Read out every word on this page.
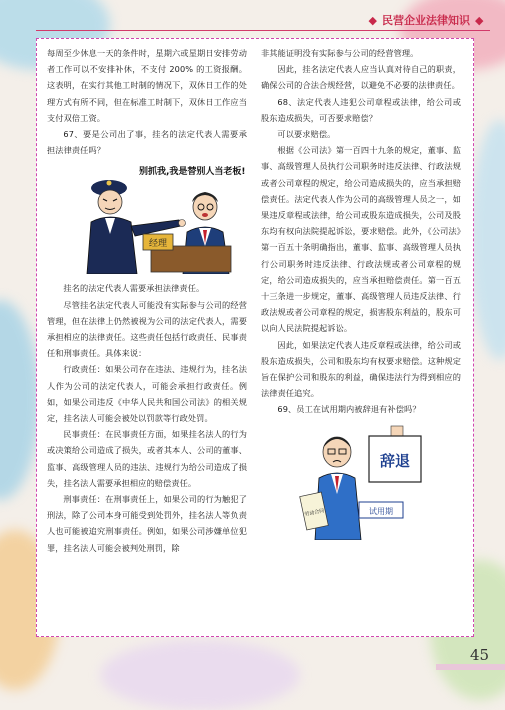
◆ 民营企业法律知识 ◆

每周至少休息一天的条件时，星期六或星期日安排劳动者工作可以不安排补休，不支付 200% 的工资报酬。这表明，在实行其他工时制的情况下，双休日工作的处理方式有所不同，但在标准工时制下，双休日工作应当支付双倍工资。

67、要是公司出了事，挂名的法定代表人需要承担法律责任吗？

经理
别抓我,我是替别人当老板!

挂名的法定代表人需要承担法律责任。

尽管挂名法定代表人可能没有实际参与公司的经营管理，但在法律上仍然被视为公司的法定代表人，需要承担相应的法律责任。这些责任包括行政责任、民事责任和刑事责任。具体来说：

行政责任：如果公司存在违法、违规行为，挂名法人作为公司的法定代表人，可能会承担行政责任。例如，如果公司违反《中华人民共和国公司法》的相关规定，挂名法人可能会被处以罚款等行政处罚。

民事责任：在民事责任方面，如果挂名法人的行为或决策给公司造成了损失，或者其本人、公司的董事、监事、高级管理人员的违法、违规行为给公司造成了损失，挂名法人需要承担相应的赔偿责任。

刑事责任：在刑事责任上，如果公司的行为触犯了刑法，除了公司本身可能受到处罚外，挂名法人等负责人也可能被追究刑事责任。例如，如果公司涉嫌单位犯罪，挂名法人可能会被判处刑罚，除

非其能证明没有实际参与公司的经营管理。

因此，挂名法定代表人应当认真对待自己的职责，确保公司的合法合规经营，以避免不必要的法律责任。

68、法定代表人违犯公司章程或法律，给公司或股东造成损失，可否要求赔偿？

可以要求赔偿。

根据《公司法》第一百四十九条的规定，董事、监事、高级管理人员执行公司职务时违反法律、行政法规或者公司章程的规定，给公司造成损失的，应当承担赔偿责任。法定代表人作为公司的高级管理人员之一，如果违反章程或法律，给公司或股东造成损失，公司及股东均有权向法院提起诉讼，要求赔偿。此外，《公司法》第一百五十条明确指出，董事、监事、高级管理人员执行公司职务时违反法律、行政法规或者公司章程的规定，给公司造成损失的，应当承担赔偿责任。第一百五十三条进一步规定，董事、高级管理人员违反法律、行政法规或者公司章程的规定，损害股东利益的，股东可以向人民法院提起诉讼。

因此，如果法定代表人违反章程或法律，给公司或股东造成损失，公司和股东均有权要求赔偿。这种规定旨在保护公司和股东的利益，确保违法行为得到相应的法律责任追究。

69、员工在试用期内被辞退有补偿吗？

辞退
劳动合同	试用期
45
